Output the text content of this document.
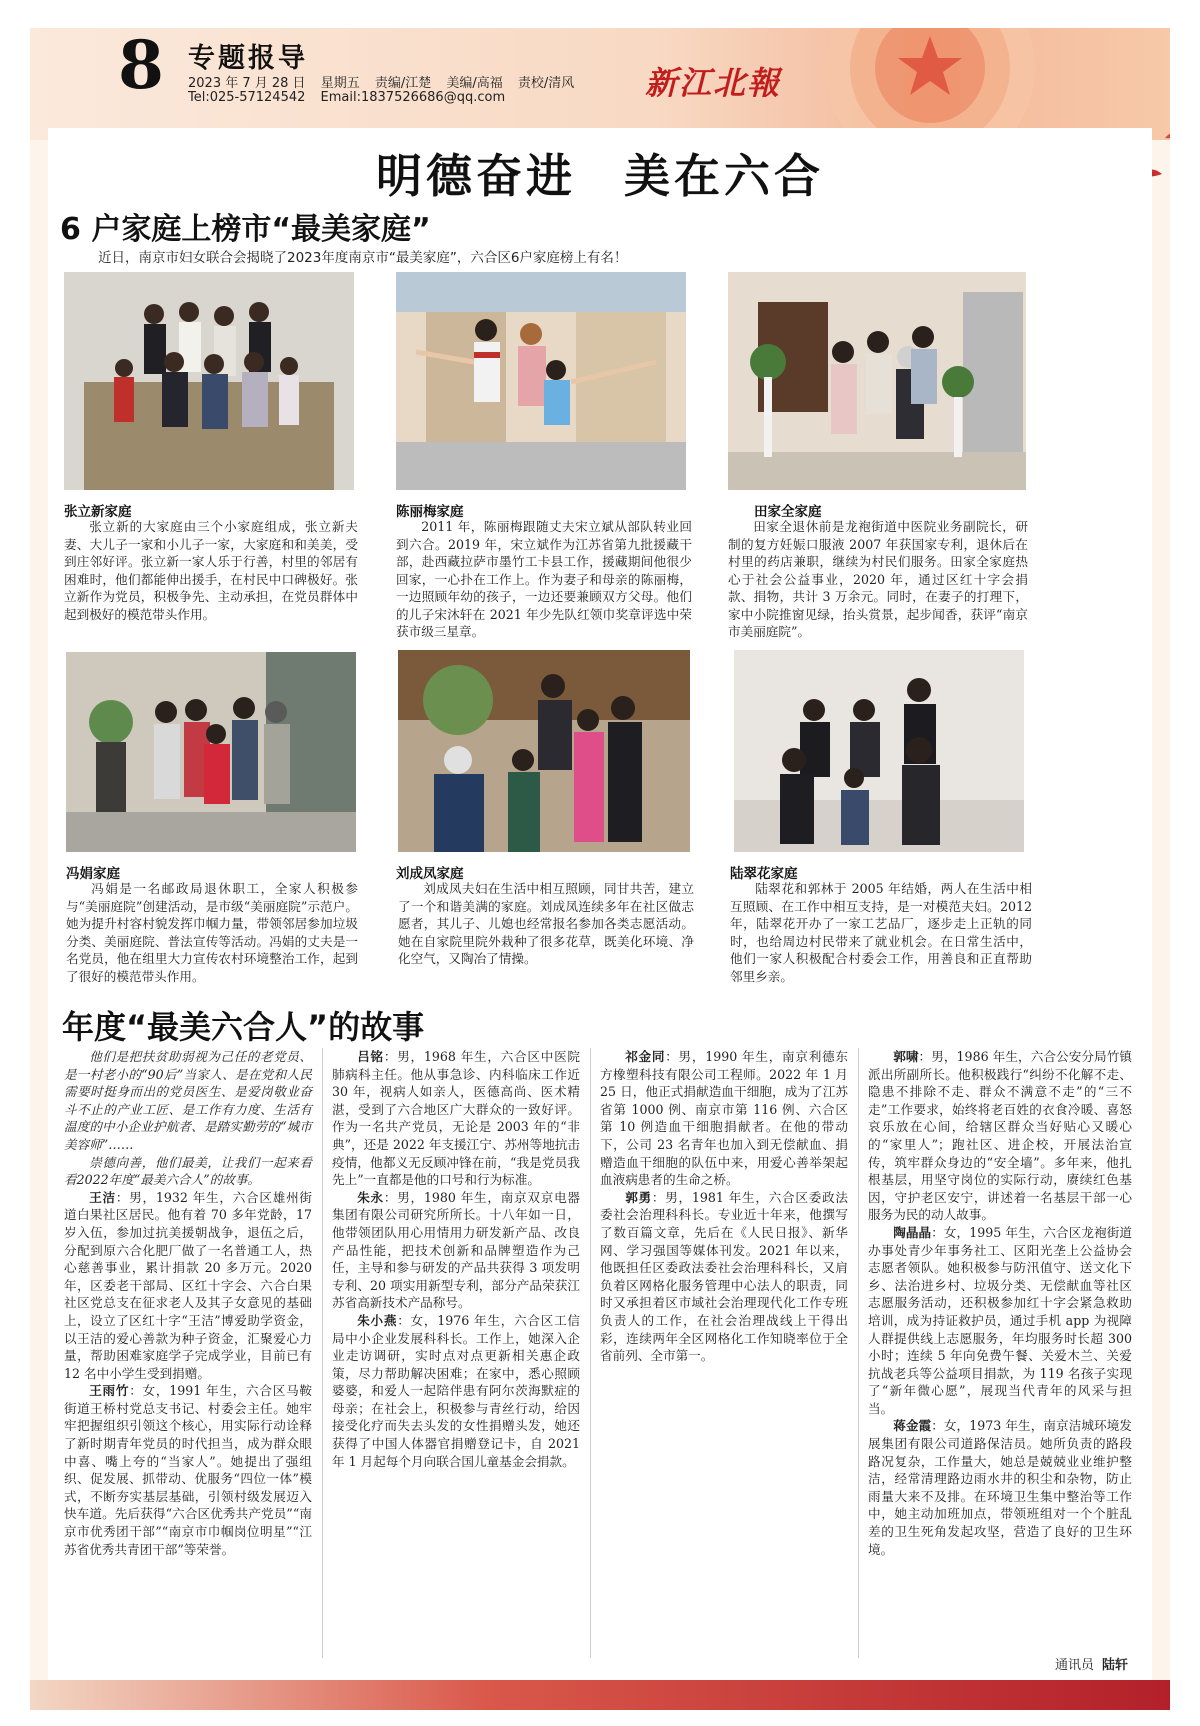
8 专题报导
2023 年 7 月 28 日 星期五 责编/江楚 美编/高福 责校/清风
Tel:025-57124542 Email:1837526686@qq.com	新江北報
明德奋进 美在六合
6 户家庭上榜市“最美家庭”
近日，南京市妇女联合会揭晓了2023年度南京市“最美家庭”，六合区6户家庭榜上有名！
张立新家庭
张立新的大家庭由三个小家庭组成，张立新夫妻、大儿子一家和小儿子一家，大家庭和和美美，受到庄邻好评。张立新一家人乐于行善，村里的邻居有困难时，他们都能伸出援手，在村民中口碑极好。张立新作为党员，积极争先、主动承担，在党员群体中起到极好的模范带头作用。
陈丽梅家庭
2011 年，陈丽梅跟随丈夫宋立斌从部队转业回到六合。2019 年，宋立斌作为江苏省第九批援藏干部，赴西藏拉萨市墨竹工卡县工作，援藏期间他很少回家，一心扑在工作上。作为妻子和母亲的陈丽梅，一边照顾年幼的孩子，一边还要兼顾双方父母。他们的儿子宋沐轩在 2021 年少先队红领巾奖章评选中荣获市级三星章。
田家全家庭
田家全退休前是龙袍街道中医院业务副院长，研制的复方妊娠口服液 2007 年获国家专利，退休后在村里的药店兼职，继续为村民们服务。田家全家庭热心于社会公益事业，2020 年，通过区红十字会捐款、捐物，共计 3 万余元。同时，在妻子的打理下，家中小院推窗见绿，抬头赏景，起步闻香，获评“南京市美丽庭院”。
冯娟家庭
冯娟是一名邮政局退休职工，全家人积极参与“美丽庭院”创建活动，是市级“美丽庭院”示范户。她为提升村容村貌发挥巾帼力量，带领邻居参加垃圾分类、美丽庭院、普法宣传等活动。冯娟的丈夫是一名党员，他在组里大力宣传农村环境整治工作，起到了很好的模范带头作用。
刘成凤家庭
刘成凤夫妇在生活中相互照顾，同甘共苦，建立了一个和谐美满的家庭。刘成凤连续多年在社区做志愿者，其儿子、儿媳也经常报名参加各类志愿活动。她在自家院里院外栽种了很多花草，既美化环境、净化空气，又陶冶了情操。
陆翠花家庭
陆翠花和郭林于 2005 年结婚，两人在生活中相互照顾、在工作中相互支持，是一对模范夫妇。2012 年，陆翠花开办了一家工艺品厂，逐步走上正轨的同时，也给周边村民带来了就业机会。在日常生活中，他们一家人积极配合村委会工作，用善良和正直帮助邻里乡亲。
年度“最美六合人”的故事

他们是把扶贫助弱视为己任的老党员、是一村老小的“90后”当家人、是在党和人民需要时挺身而出的党员医生、是爱岗敬业奋斗不止的产业工匠、是工作有力度、生活有温度的中小企业护航者、是踏实勤劳的“城市美容师”……

崇德向善，他们最美，让我们一起来看看2022年度“最美六合人”的故事。

王洁：男，1932 年生，六合区雄州街道白果社区居民。他有着 70 多年党龄，17 岁入伍，参加过抗美援朝战争，退伍之后，分配到原六合化肥厂做了一名普通工人，热心慈善事业，累计捐款 20 多万元。2020 年，区委老干部局、区红十字会、六合白果社区党总支在征求老人及其子女意见的基础上，设立了区红十字“王洁”博爱助学资金，以王洁的爱心善款为种子资金，汇聚爱心力量，帮助困难家庭学子完成学业，目前已有 12 名中小学生受到捐赠。

王雨竹：女，1991 年生，六合区马鞍街道王桥村党总支书记、村委会主任。她牢牢把握组织引领这个核心，用实际行动诠释了新时期青年党员的时代担当，成为群众眼中喜、嘴上夸的“当家人”。她提出了强组织、促发展、抓带动、优服务“四位一体”模式，不断夯实基层基础，引领村级发展迈入快车道。先后获得“六合区优秀共产党员”“南京市优秀团干部”“南京市巾帼岗位明星”“江苏省优秀共青团干部”等荣誉。

吕铭：男，1968 年生，六合区中医院肺病科主任。他从事急诊、内科临床工作近 30 年，视病人如亲人，医德高尚、医术精湛，受到了六合地区广大群众的一致好评。作为一名共产党员，无论是 2003 年的“非典”，还是 2022 年支援江宁、苏州等地抗击疫情，他都义无反顾冲锋在前，“我是党员我先上”一直都是他的口号和行为标准。

朱永：男，1980 年生，南京双京电器集团有限公司研究所所长。十八年如一日，他带领团队用心用情用力研发新产品、改良产品性能，把技术创新和品牌塑造作为己任，主导和参与研发的产品共获得 3 项发明专利、20 项实用新型专利，部分产品荣获江苏省高新技术产品称号。

朱小燕：女，1976 年生，六合区工信局中小企业发展科科长。工作上，她深入企业走访调研，实时点对点更新相关惠企政策，尽力帮助解决困难；在家中，悉心照顾婆婆，和爱人一起陪伴患有阿尔茨海默症的母亲；在社会上，积极参与青丝行动，给因接受化疗而失去头发的女性捐赠头发，她还获得了中国人体器官捐赠登记卡，自 2021 年 1 月起每个月向联合国儿童基金会捐款。

祁金同：男，1990 年生，南京利德东方橡塑科技有限公司工程师。2022 年 1 月 25 日，他正式捐献造血干细胞，成为了江苏省第 1000 例、南京市第 116 例、六合区第 10 例造血干细胞捐献者。在他的带动下，公司 23 名青年也加入到无偿献血、捐赠造血干细胞的队伍中来，用爱心善举架起血液病患者的生命之桥。

郭勇：男，1981 年生，六合区委政法委社会治理科科长。专业近十年来，他撰写了数百篇文章，先后在《人民日报》、新华网、学习强国等媒体刊发。2021 年以来，他既担任区委政法委社会治理科科长，又肩负着区网格化服务管理中心法人的职责，同时又承担着区市域社会治理现代化工作专班负责人的工作，在社会治理战线上干得出彩，连续两年全区网格化工作知晓率位于全省前列、全市第一。

郭啸：男，1986 年生，六合公安分局竹镇派出所副所长。他积极践行“纠纷不化解不走、隐患不排除不走、群众不满意不走”的“三不走”工作要求，始终将老百姓的衣食冷暖、喜怒哀乐放在心间，给辖区群众当好贴心又暖心的“家里人”；跑社区、进企校，开展法治宣传，筑牢群众身边的“安全墙”。多年来，他扎根基层，用坚守岗位的实际行动，赓续红色基因，守护老区安宁，讲述着一名基层干部一心服务为民的动人故事。

陶晶晶：女，1995 年生，六合区龙袍街道办事处青少年事务社工、区阳光垄上公益协会志愿者领队。她积极参与防汛值守、送文化下乡、法治进乡村、垃圾分类、无偿献血等社区志愿服务活动，还积极参加红十字会紧急救助培训，成为持证救护员，通过手机 app 为视障人群提供线上志愿服务，年均服务时长超 300 小时；连续 5 年向免费午餐、关爱木兰、关爱抗战老兵等公益项目捐款，为 119 名孩子实现了“新年微心愿”，展现当代青年的风采与担当。

蒋金霞：女，1973 年生，南京洁城环境发展集团有限公司道路保洁员。她所负责的路段路况复杂，工作量大，她总是兢兢业业维护整洁，经常清理路边雨水井的积尘和杂物，防止雨量大来不及排。在环境卫生集中整治等工作中，她主动加班加点，带领班组对一个个脏乱差的卫生死角发起攻坚，营造了良好的卫生环境。

通讯员 陆轩
